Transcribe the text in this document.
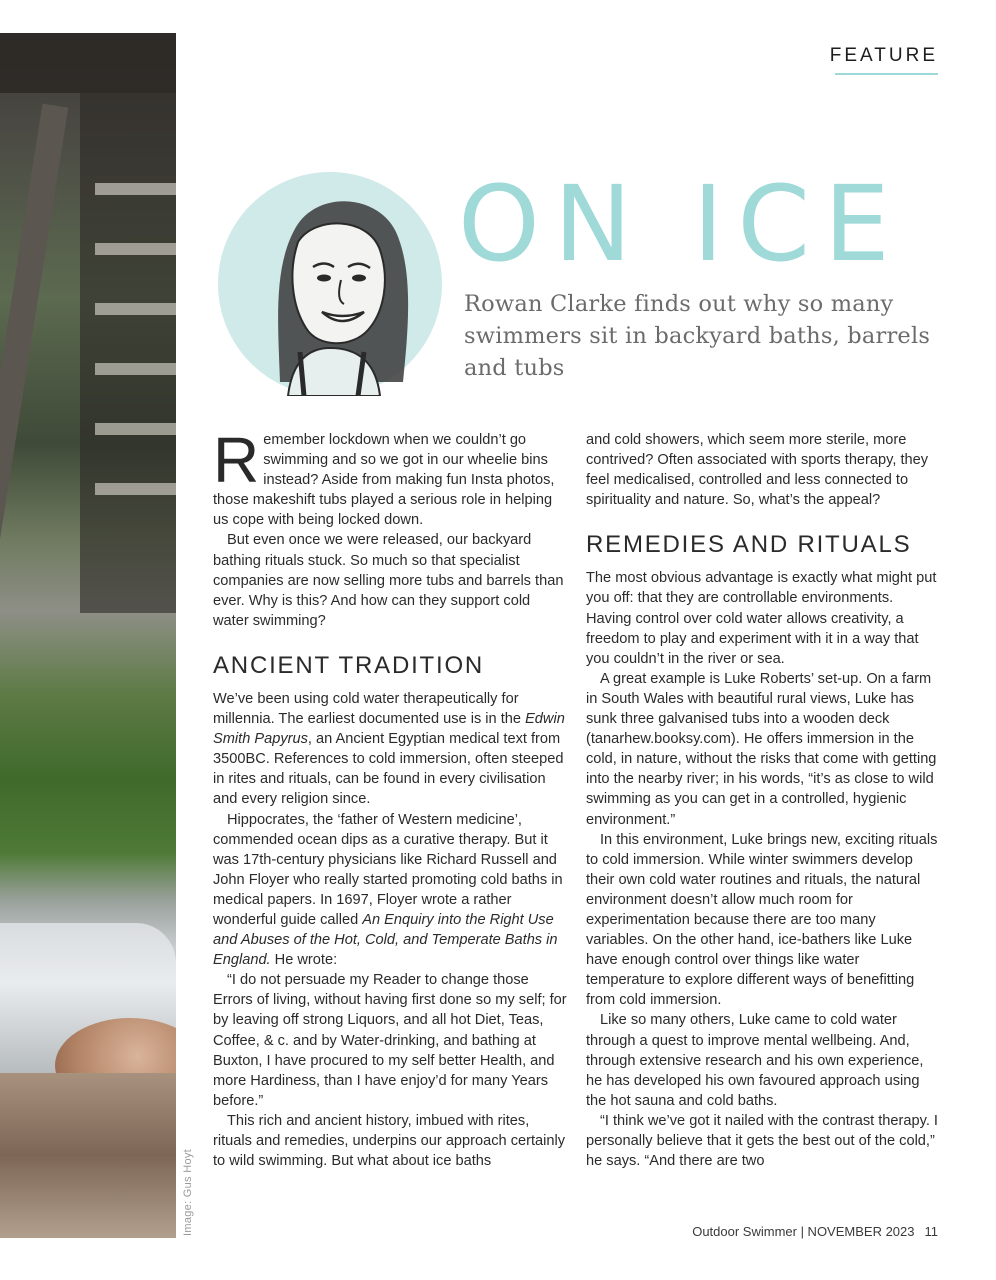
Image: Gus Hoyt
FEATURE
ON ICE
Rowan Clarke finds out why so many swimmers sit in backyard baths, barrels and tubs

Remember lockdown when we couldn’t go swimming and so we got in our wheelie bins instead? Aside from making fun Insta photos, those makeshift tubs played a serious role in helping us cope with being locked down.

But even once we were released, our backyard bathing rituals stuck. So much so that specialist companies are now selling more tubs and barrels than ever. Why is this? And how can they support cold water swimming?

ANCIENT TRADITION

We’ve been using cold water therapeutically for millennia. The earliest documented use is in the Edwin Smith Papyrus, an Ancient Egyptian medical text from 3500BC. References to cold immersion, often steeped in rites and rituals, can be found in every civilisation and every religion since.

Hippocrates, the ‘father of Western medicine’, commended ocean dips as a curative therapy. But it was 17th-century physicians like Richard Russell and John Floyer who really started promoting cold baths in medical papers. In 1697, Floyer wrote a rather wonderful guide called An Enquiry into the Right Use and Abuses of the Hot, Cold, and Temperate Baths in England. He wrote:

“I do not persuade my Reader to change those Errors of living, without having first done so my self; for by leaving off strong Liquors, and all hot Diet, Teas, Coffee, & c. and by Water-drinking, and bathing at Buxton, I have procured to my self better Health, and more Hardiness, than I have enjoy’d for many Years before.”

This rich and ancient history, imbued with rites, rituals and remedies, underpins our approach certainly to wild swimming. But what about ice baths

and cold showers, which seem more sterile, more contrived? Often associated with sports therapy, they feel medicalised, controlled and less connected to spirituality and nature. So, what’s the appeal?

REMEDIES AND RITUALS

The most obvious advantage is exactly what might put you off: that they are controllable environments. Having control over cold water allows creativity, a freedom to play and experiment with it in a way that you couldn’t in the river or sea.

A great example is Luke Roberts’ set-up. On a farm in South Wales with beautiful rural views, Luke has sunk three galvanised tubs into a wooden deck (tanarhew.booksy.com). He offers immersion in the cold, in nature, without the risks that come with getting into the nearby river; in his words, “it’s as close to wild swimming as you can get in a controlled, hygienic environment.”

In this environment, Luke brings new, exciting rituals to cold immersion. While winter swimmers develop their own cold water routines and rituals, the natural environment doesn’t allow much room for experimentation because there are too many variables. On the other hand, ice-bathers like Luke have enough control over things like water temperature to explore different ways of benefitting from cold immersion.

Like so many others, Luke came to cold water through a quest to improve mental wellbeing. And, through extensive research and his own experience, he has developed his own favoured approach using the hot sauna and cold baths.

“I think we’ve got it nailed with the contrast therapy. I personally believe that it gets the best out of the cold,” he says. “And there are two

Outdoor Swimmer | NOVEMBER 2023 11
